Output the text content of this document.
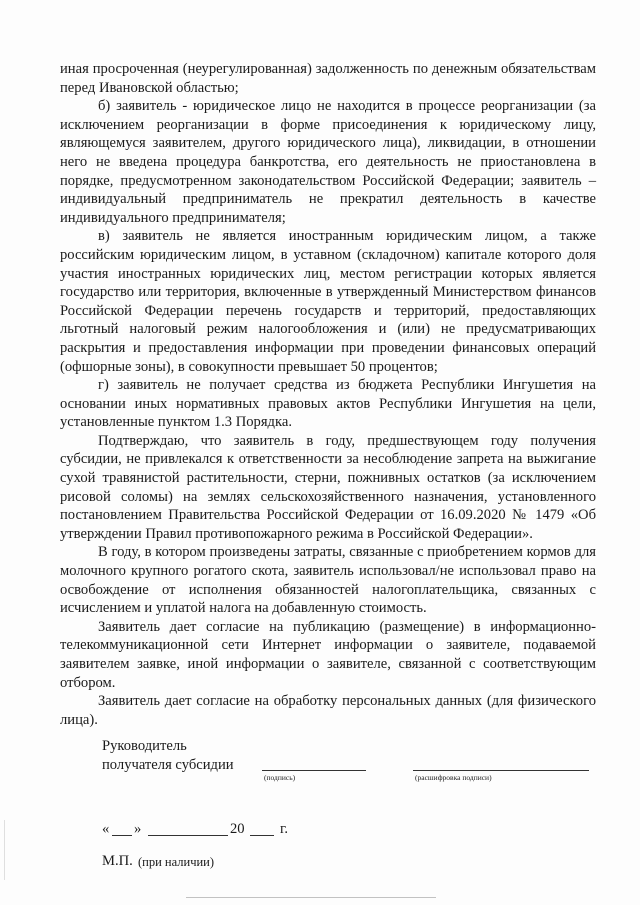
иная просроченная (неурегулированная) задолженность по денежным обязательствам перед Ивановской областью;

б) заявитель - юридическое лицо не находится в процессе реорганизации (за исключением реорганизации в форме присоединения к юридическому лицу, являющемуся заявителем, другого юридического лица), ликвидации, в отношении него не введена процедура банкротства, его деятельность не приостановлена в порядке, предусмотренном законодательством Российской Федерации; заявитель – индивидуальный предприниматель не прекратил деятельность в качестве индивидуального предпринимателя;

в) заявитель не является иностранным юридическим лицом, а также российским юридическим лицом, в уставном (складочном) капитале которого доля участия иностранных юридических лиц, местом регистрации которых является государство или территория, включенные в утвержденный Министерством финансов Российской Федерации перечень государств и территорий, предоставляющих льготный налоговый режим налогообложения и (или) не предусматривающих раскрытия и предоставления информации при проведении финансовых операций (офшорные зоны), в совокупности превышает 50 процентов;

г) заявитель не получает средства из бюджета Республики Ингушетия на основании иных нормативных правовых актов Республики Ингушетия на цели, установленные пунктом 1.3 Порядка.

Подтверждаю, что заявитель в году, предшествующем году получения субсидии, не привлекался к ответственности за несоблюдение запрета на выжигание сухой травянистой растительности, стерни, пожнивных остатков (за исключением рисовой соломы) на землях сельскохозяйственного назначения, установленного постановлением Правительства Российской Федерации от 16.09.2020 № 1479 «Об утверждении Правил противопожарного режима в Российской Федерации».

В году, в котором произведены затраты, связанные с приобретением кормов для молочного крупного рогатого скота, заявитель использовал/не использовал право на освобождение от исполнения обязанностей налогоплательщика, связанных с исчислением и уплатой налога на добавленную стоимость.

Заявитель дает согласие на публикацию (размещение) в информационно-телекоммуникационной сети Интернет информации о заявителе, подаваемой заявителем заявке, иной информации о заявителе, связанной с соответствующим отбором.

Заявитель дает согласие на обработку персональных данных (для физического лица).

Руководитель
получателя субсидии
(подпись)	(расшифровка подписи)
« »	20 г.
М.П. (при наличии)
